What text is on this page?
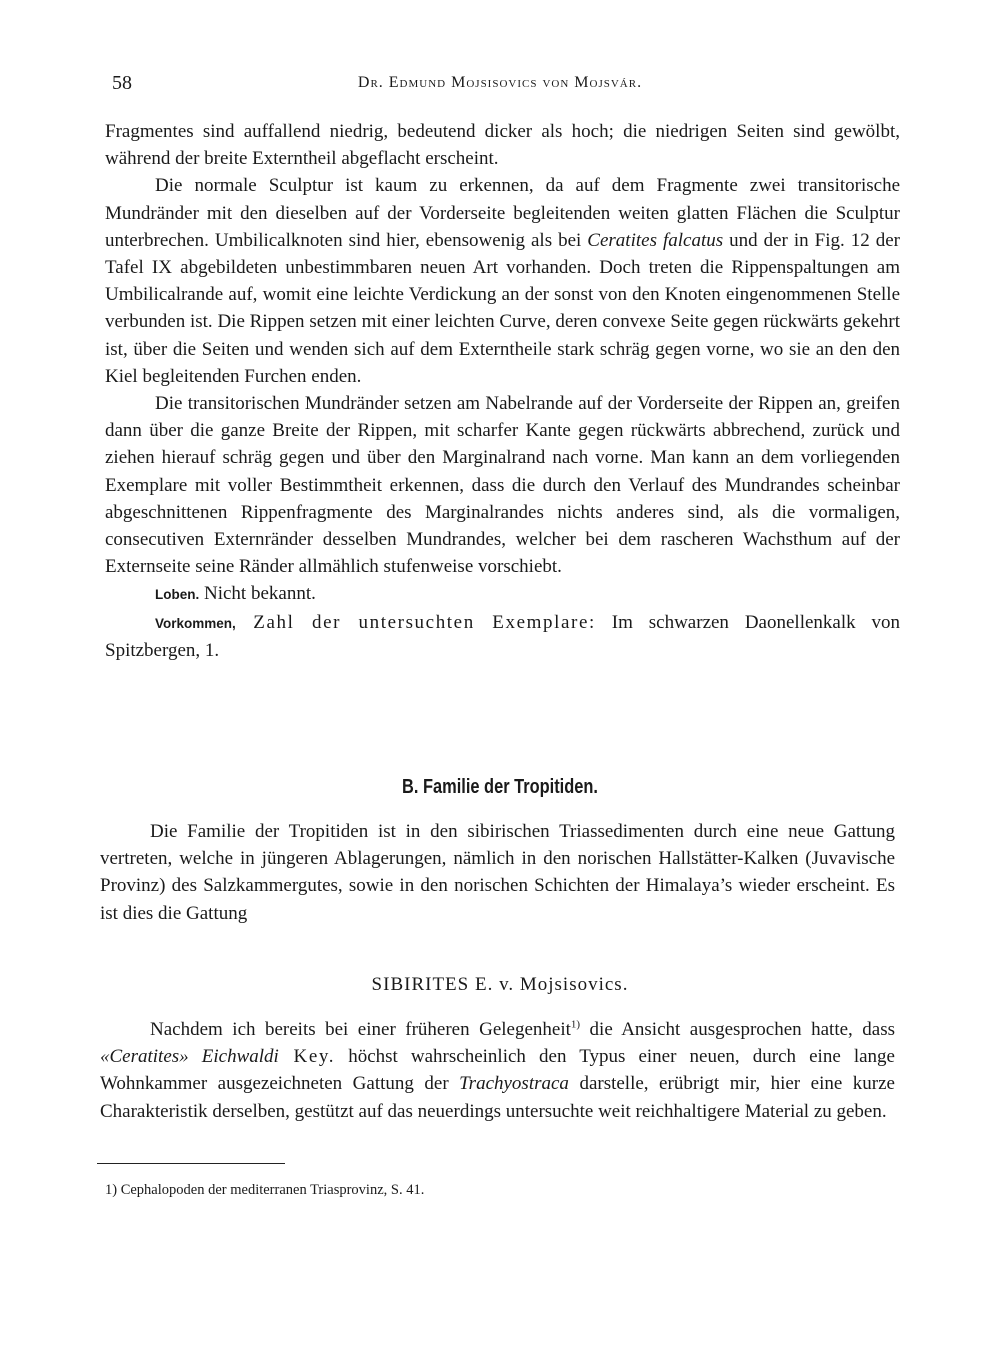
58	Dr. Edmund Mojsisovics von Mojsvár.

Fragmentes sind auffallend niedrig, bedeutend dicker als hoch; die niedrigen Seiten sind gewölbt, während der breite Externtheil abgeflacht erscheint.

Die normale Sculptur ist kaum zu erkennen, da auf dem Fragmente zwei transitorische Mundränder mit den dieselben auf der Vorderseite begleitenden weiten glatten Flächen die Sculptur unterbrechen. Umbilicalknoten sind hier, ebensowenig als bei Ceratites falcatus und der in Fig. 12 der Tafel IX abgebildeten unbestimmbaren neuen Art vorhanden. Doch treten die Rippenspaltungen am Umbilicalrande auf, womit eine leichte Verdickung an der sonst von den Knoten eingenommenen Stelle verbunden ist. Die Rippen setzen mit einer leichten Curve, deren convexe Seite gegen rückwärts gekehrt ist, über die Seiten und wenden sich auf dem Externtheile stark schräg gegen vorne, wo sie an den den Kiel begleitenden Furchen enden.

Die transitorischen Mundränder setzen am Nabelrande auf der Vorderseite der Rippen an, greifen dann über die ganze Breite der Rippen, mit scharfer Kante gegen rückwärts abbrechend, zurück und ziehen hierauf schräg gegen und über den Marginalrand nach vorne. Man kann an dem vorliegenden Exemplare mit voller Bestimmtheit erkennen, dass die durch den Verlauf des Mundrandes scheinbar abgeschnittenen Rippenfragmente des Marginalrandes nichts anderes sind, als die vormaligen, consecutiven Externränder desselben Mundrandes, welcher bei dem rascheren Wachsthum auf der Externseite seine Ränder allmählich stufenweise vorschiebt.

Loben. Nicht bekannt.

Vorkommen, Zahl der untersuchten Exemplare: Im schwarzen Daonellenkalk von Spitzbergen, 1.

B. Familie der Tropitiden.

Die Familie der Tropitiden ist in den sibirischen Triassedimenten durch eine neue Gattung vertreten, welche in jüngeren Ablagerungen, nämlich in den norischen Hallstätter-Kalken (Juvavische Provinz) des Salzkammergutes, sowie in den norischen Schichten der Himalaya’s wieder erscheint. Es ist dies die Gattung

SIBIRITES E. v. Mojsisovics.

Nachdem ich bereits bei einer früheren Gelegenheit$^{1)}$ die Ansicht ausgesprochen hatte, dass «Ceratites» Eichwaldi Key. höchst wahrscheinlich den Typus einer neuen, durch eine lange Wohnkammer ausgezeichneten Gattung der Trachyostraca darstelle, erübrigt mir, hier eine kurze Charakteristik derselben, gestützt auf das neuerdings untersuchte weit reichhaltigere Material zu geben.

1) Cephalopoden der mediterranen Triasprovinz, S. 41.
